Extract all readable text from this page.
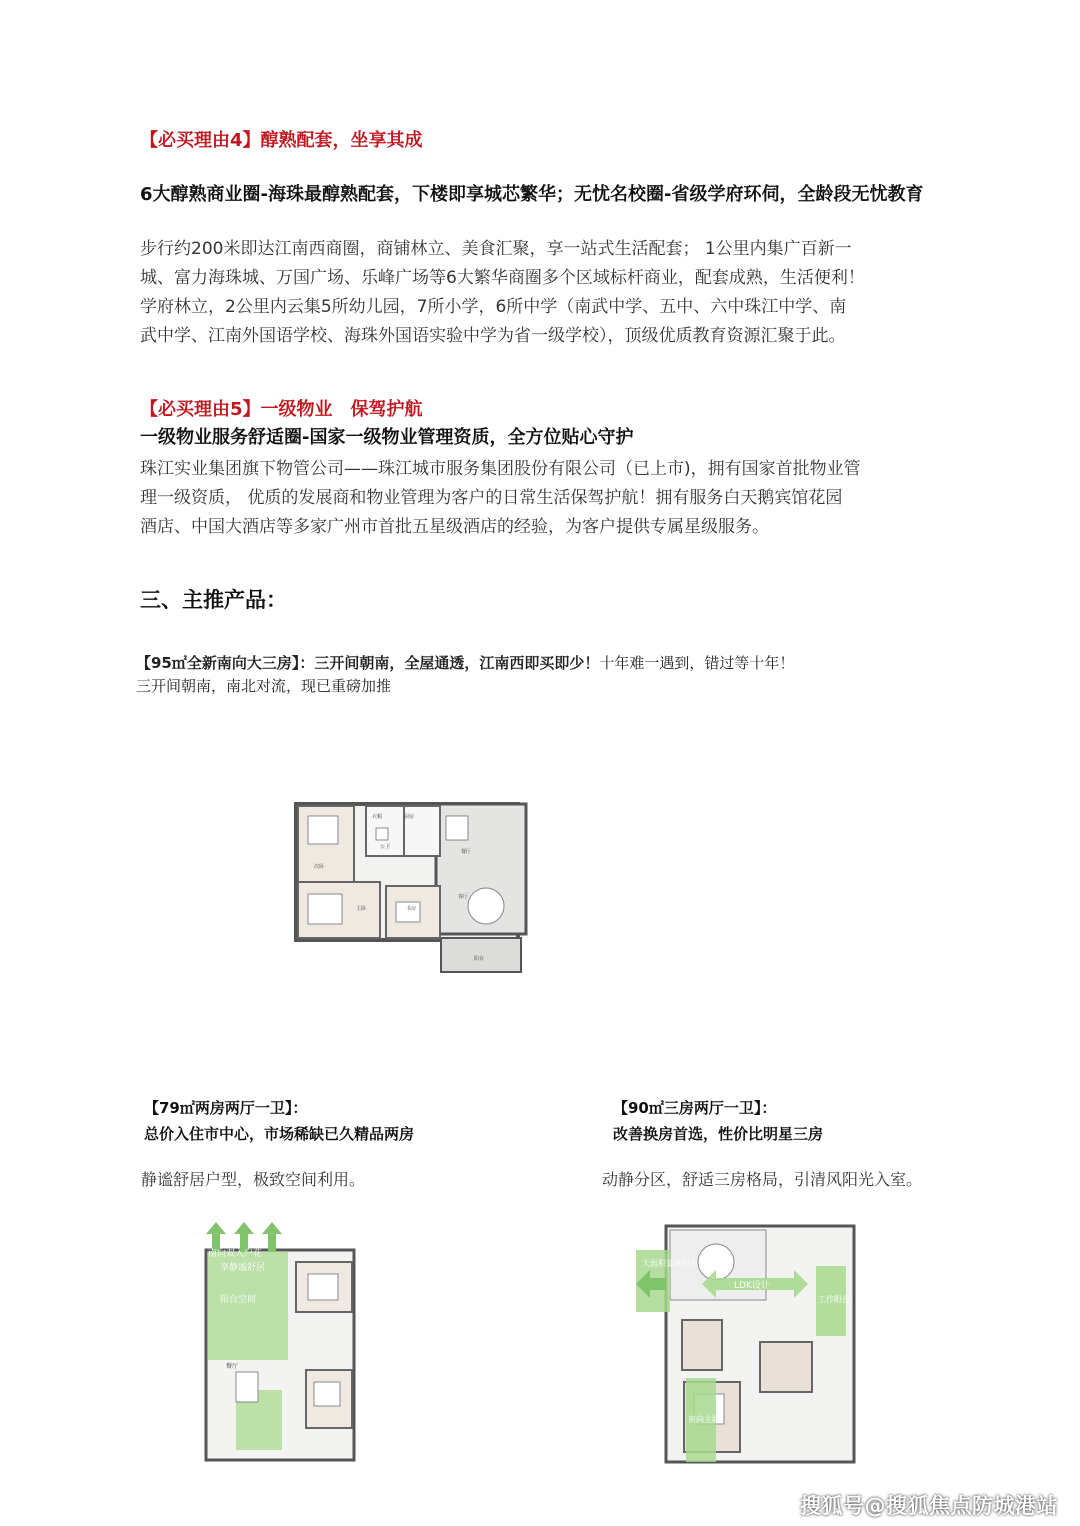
【必买理由4】醇熟配套，坐享其成
6大醇熟商业圈-海珠最醇熟配套，下楼即享城芯繁华；无忧名校圈-省级学府环伺，全龄段无忧教育
步行约200米即达江南西商圈，商铺林立、美食汇聚，享一站式生活配套； 1公里内集广百新一
城、富力海珠城、万国广场、乐峰广场等6大繁华商圈多个区域标杆商业，配套成熟，生活便利！
学府林立，2公里内云集5所幼儿园，7所小学，6所中学（南武中学、五中、六中珠江中学、南
武中学、江南外国语学校、海珠外国语实验中学为省一级学校），顶级优质教育资源汇聚于此。
【必买理由5】一级物业　保驾护航
一级物业服务舒适圈-国家一级物业管理资质，全方位贴心守护
珠江实业集团旗下物管公司——珠江城市服务集团股份有限公司（已上市)，拥有国家首批物业管
理一级资质， 优质的发展商和物业管理为客户的日常生活保驾护航！拥有服务白天鹅宾馆花园
酒店、中国大酒店等多家广州市首批五星级酒店的经验，为客户提供专属星级服务。
三、主推产品：
【95㎡全新南向大三房】：三开间朝南，全屋通透，江南西即买即少！十年难一遇到，错过等十年！
三开间朝南，南北对流，现已重磅加推
厨房
餐厅
客厅
阳台
次卧
主卧	书房
公卫
衣帽
【79㎡两房两厅一卫】：
总价入住市中心，市场稀缺已久精品两房
静谧舒居户型，极致空间利用。
【90㎡三房两厅一卫】：
改善换房首选，性价比明星三房
动静分区，舒适三房格局，引清风阳光入室。
南向双入户花
享静谧舒居
阳台空间
餐厅
大面积景观阳台
LDK设计
工作阳台
南向主卧
搜狐号@搜狐焦点防城港站
